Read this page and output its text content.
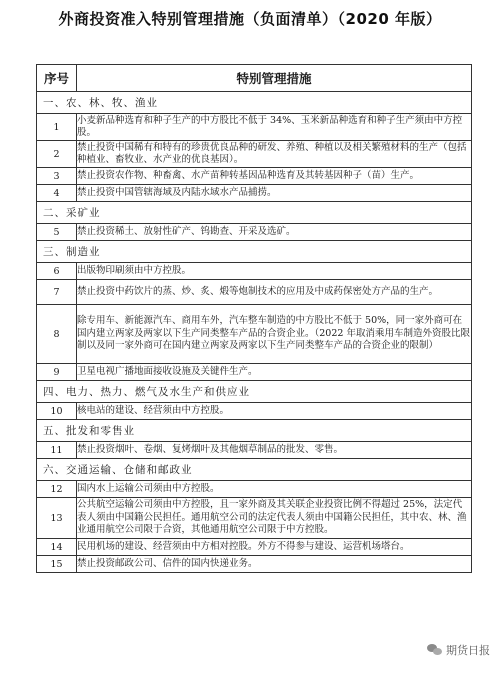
外商投资准入特别管理措施（负面清单）（2020 年版）
序号	特别管理措施
一、农、林、牧、渔业	
1	小麦新品种选育和种子生产的中方股比不低于 34%、玉米新品种选育和种子生产须由中方控股。
2	禁止投资中国稀有和特有的珍贵优良品种的研发、养殖、种植以及相关繁殖材料的生产（包括种植业、畜牧业、水产业的优良基因）。
3	禁止投资农作物、种畜禽、水产苗种转基因品种选育及其转基因种子（苗）生产。
4	禁止投资中国管辖海域及内陆水域水产品捕捞。
二、采矿业	
5	禁止投资稀土、放射性矿产、钨勘查、开采及选矿。
三、制造业	
6	出版物印刷须由中方控股。
7	禁止投资中药饮片的蒸、炒、炙、煅等炮制技术的应用及中成药保密处方产品的生产。
8	除专用车、新能源汽车、商用车外，汽车整车制造的中方股比不低于 50%，同一家外商可在国内建立两家及两家以下生产同类整车产品的合资企业。（2022 年取消乘用车制造外资股比限制以及同一家外商可在国内建立两家及两家以下生产同类整车产品的合资企业的限制）
9	卫星电视广播地面接收设施及关键件生产。
四、电力、热力、燃气及水生产和供应业	
10	核电站的建设、经营须由中方控股。
五、批发和零售业	
11	禁止投资烟叶、卷烟、复烤烟叶及其他烟草制品的批发、零售。
六、交通运输、仓储和邮政业	
12	国内水上运输公司须由中方控股。
13	公共航空运输公司须由中方控股，且一家外商及其关联企业投资比例不得超过 25%，法定代表人须由中国籍公民担任。通用航空公司的法定代表人须由中国籍公民担任，其中农、林、渔业通用航空公司限于合资，其他通用航空公司限于中方控股。
14	民用机场的建设、经营须由中方相对控股。外方不得参与建设、运营机场塔台。
15	禁止投资邮政公司、信件的国内快递业务。
期货日报
